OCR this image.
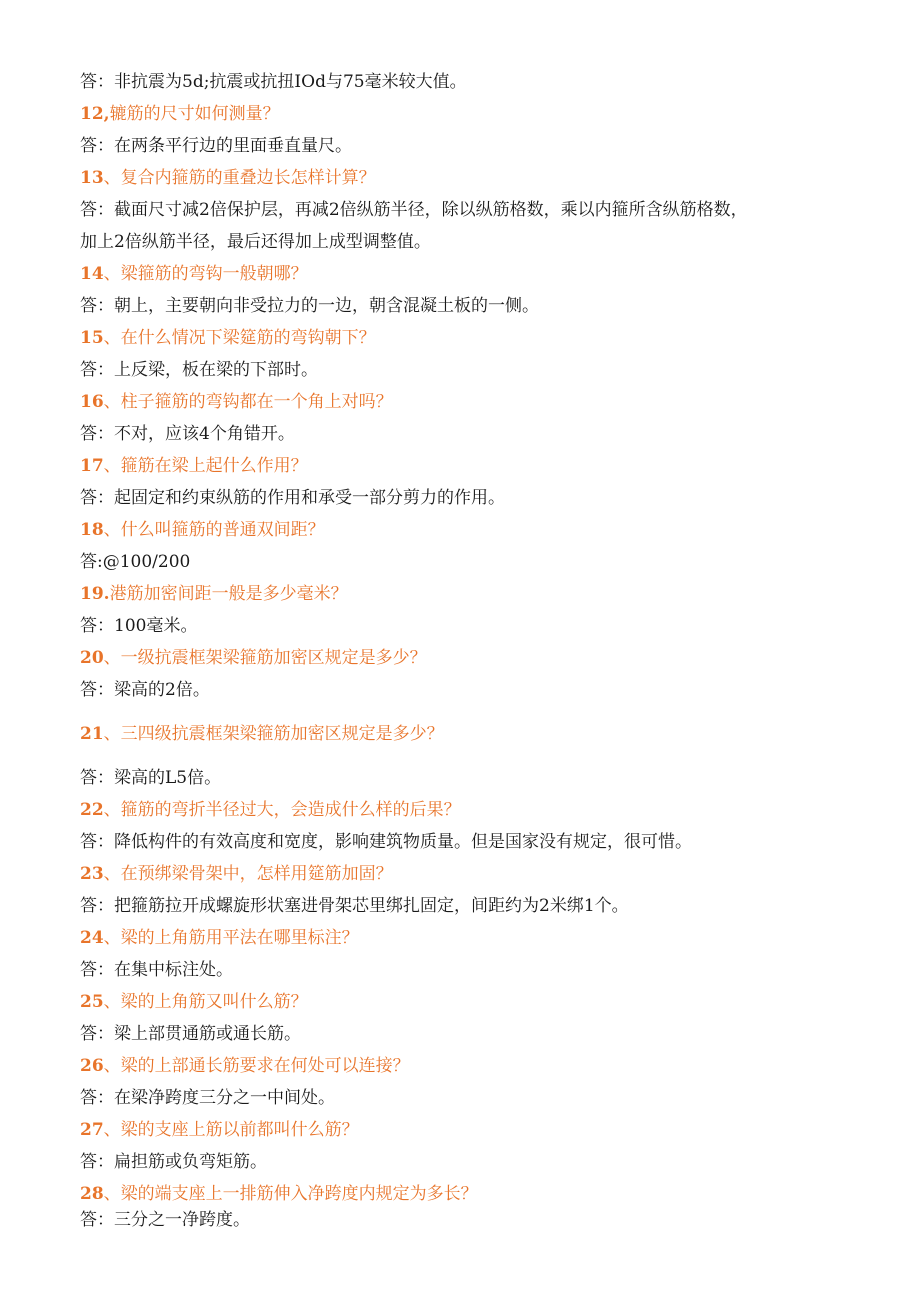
答：非抗震为5d;抗震或抗扭IOd与75毫米较大值。
12,辘筋的尺寸如何测量？
答：在两条平行边的里面垂直量尺。
13、复合内箍筋的重叠边长怎样计算？
答：截面尺寸减2倍保护层，再减2倍纵筋半径，除以纵筋格数，乘以内箍所含纵筋格数，
加上2倍纵筋半径，最后还得加上成型调整值。
14、梁箍筋的弯钩一般朝哪？
答：朝上，主要朝向非受拉力的一边，朝含混凝土板的一侧。
15、在什么情况下梁筵筋的弯钩朝下？
答：上反梁，板在梁的下部时。
16、柱子箍筋的弯钩都在一个角上对吗？
答：不对，应该4个角错开。
17、箍筋在梁上起什么作用？
答：起固定和约束纵筋的作用和承受一部分剪力的作用。
18、什么叫箍筋的普通双间距？
答:@100/200
19.港筋加密间距一般是多少毫米？
答：100毫米。
20、一级抗震框架梁箍筋加密区规定是多少？
答：梁高的2倍。
21、三四级抗震框架梁箍筋加密区规定是多少？
答：梁高的L5倍。
22、箍筋的弯折半径过大，会造成什么样的后果？
答：降低构件的有效高度和宽度，影响建筑物质量。但是国家没有规定，很可惜。
23、在预绑梁骨架中，怎样用筵筋加固？
答：把箍筋拉开成螺旋形状塞进骨架芯里绑扎固定，间距约为2米绑1个。
24、梁的上角筋用平法在哪里标注？
答：在集中标注处。
25、梁的上角筋又叫什么筋？
答：梁上部贯通筋或通长筋。
26、梁的上部通长筋要求在何处可以连接？
答：在梁净跨度三分之一中间处。
27、梁的支座上筋以前都叫什么筋？
答：扁担筋或负弯矩筋。
28、梁的端支座上一排筋伸入净跨度内规定为多长？
答：三分之一净跨度。
